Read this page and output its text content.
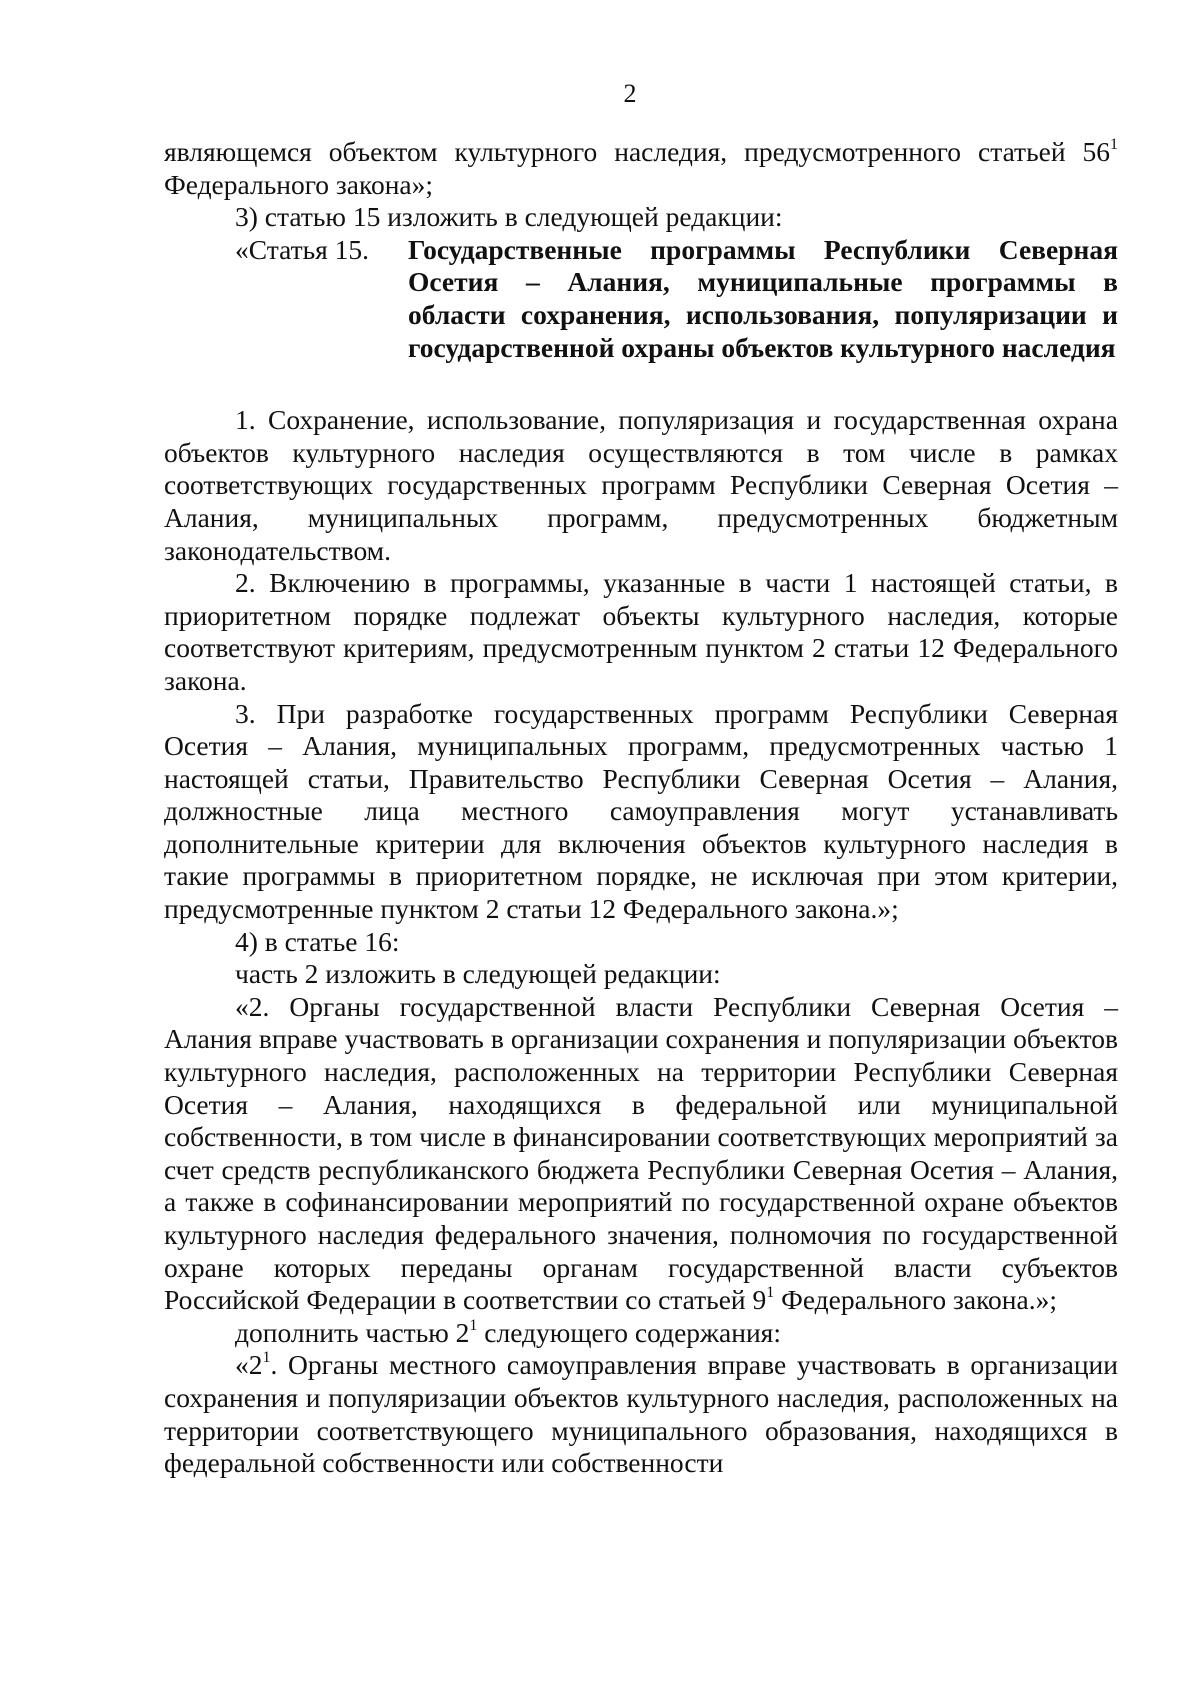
2

являющемся объектом культурного наследия, предусмотренного статьей $56^1$ Федерального закона»;

3) статью 15 изложить в следующей редакции:

«Статья 15.	Государственные программы Республики Северная Осетия – Алания, муниципальные программы в области сохранения, использования, популяризации и государственной охраны объектов культурного наследия

1. Сохранение, использование, популяризация и государственная охрана объектов культурного наследия осуществляются в том числе в рамках соответствующих государственных программ Республики Северная Осетия – Алания, муниципальных программ, предусмотренных бюджетным законодательством.

2. Включению в программы, указанные в части 1 настоящей статьи, в приоритетном порядке подлежат объекты культурного наследия, которые соответствуют критериям, предусмотренным пунктом 2 статьи 12 Федерального закона.

3. При разработке государственных программ Республики Северная Осетия – Алания, муниципальных программ, предусмотренных частью 1 настоящей статьи, Правительство Республики Северная Осетия – Алания, должностные лица местного самоуправления могут устанавливать дополнительные критерии для включения объектов культурного наследия в такие программы в приоритетном порядке, не исключая при этом критерии, предусмотренные пунктом 2 статьи 12 Федерального закона.»;

4) в статье 16:

часть 2 изложить в следующей редакции:

«2. Органы государственной власти Республики Северная Осетия – Алания вправе участвовать в организации сохранения и популяризации объектов культурного наследия, расположенных на территории Республики Северная Осетия – Алания, находящихся в федеральной или муниципальной собственности, в том числе в финансировании соответствующих мероприятий за счет средств республиканского бюджета Республики Северная Осетия – Алания, а также в софинансировании мероприятий по государственной охране объектов культурного наследия федерального значения, полномочия по государственной охране которых переданы органам государственной власти субъектов Российской Федерации в соответствии со статьей $9^1$ Федерального закона.»;

дополнить частью $2^1$ следующего содержания:

«$2^1$. Органы местного самоуправления вправе участвовать в организации сохранения и популяризации объектов культурного наследия, расположенных на территории соответствующего муниципального образования, находящихся в федеральной собственности или собственности
